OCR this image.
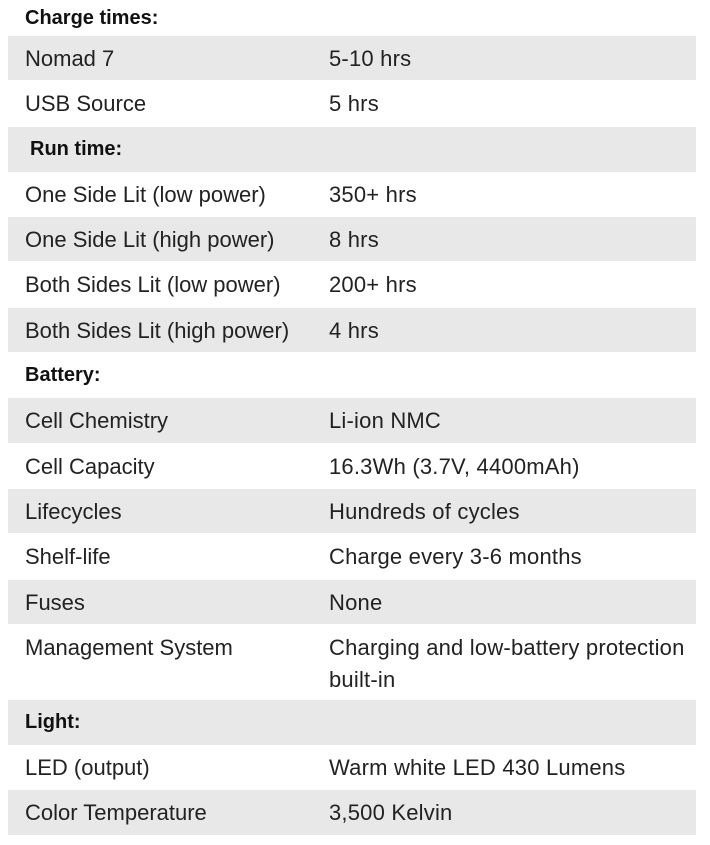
Charge times:
Nomad 7	5-10 hrs
USB Source	5 hrs
Run time:
One Side Lit (low power)	350+ hrs
One Side Lit (high power)	8 hrs
Both Sides Lit (low power)	200+ hrs
Both Sides Lit (high power)	4 hrs
Battery:
Cell Chemistry	Li-ion NMC
Cell Capacity	16.3Wh (3.7V, 4400mAh)
Lifecycles	Hundreds of cycles
Shelf-life	Charge every 3-6 months
Fuses	None
Management System	Charging and low-battery protection built-in
Light:
LED (output)	Warm white LED 430 Lumens
Color Temperature	3,500 Kelvin
